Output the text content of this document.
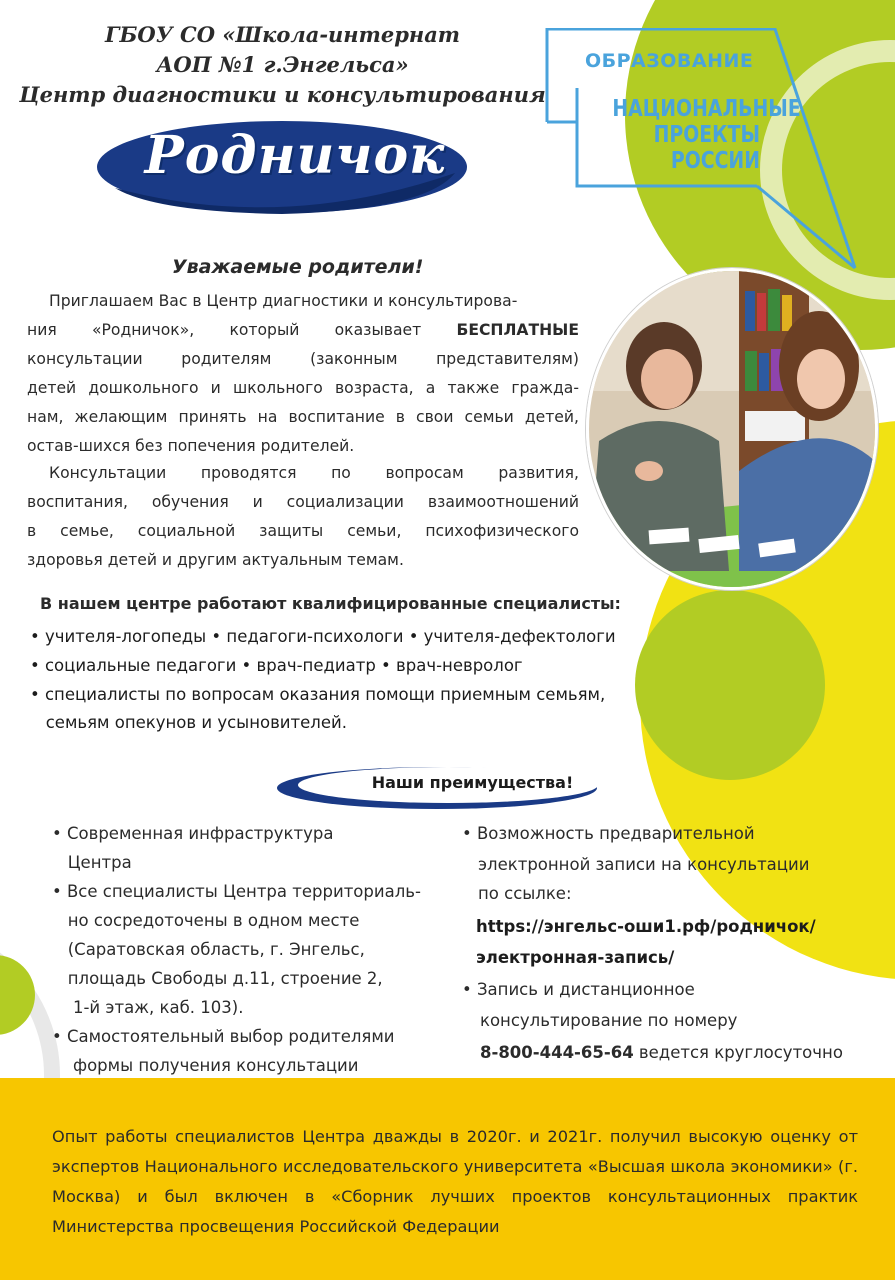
ГБОУ СО «Школа-интернат
АОП №1 г.Энгельса»
Центр диагностики и консультирования
Родничок
ОБРАЗОВАНИЕ
НАЦИОНАЛЬНЫЕ
ПРОЕКТЫ
РОССИИ
Уважаемые родители!
Приглашаем Вас в Центр диагностики и консультирова-
ния «Родничок», который оказывает БЕСПЛАТНЫЕ
консультации родителям (законным представителям)
детей дошкольного и школьного возраста, а также гражда-
нам, желающим принять на воспитание в свои семьи детей,
остав-шихся без попечения родителей.
Консультации проводятся по вопросам развития,
воспитания, обучения и социализации взаимоотношений
в семье, социальной защиты семьи, психофизического
здоровья детей и другим актуальным темам.
В нашем центре работают квалифицированные специалисты:
• учителя-логопеды • педагоги-психологи • учителя-дефектологи
• социальные педагоги • врач-педиатр • врач-невролог
• специалисты по вопросам оказания помощи приемным семьям,
семьям опекунов и усыновителей.
Наши преимущества!
• Современная инфраструктура
Центра
• Все специалисты Центра территориаль-
но сосредоточены в одном месте
(Саратовская область, г. Энгельс,
площадь Свободы д.11, строение 2,
1-й этаж, каб. 103).
• Самостоятельный выбор родителями
формы получения консультации
• Возможность предварительной
электронной записи на консультации
по ссылке:
https://энгельс-оши1.рф/родничок/
электронная-запись/
• Запись и дистанционное
консультирование по номеру
8-800-444-65-64 ведется круглосуточно
Опыт работы специалистов Центра дважды в 2020г. и 2021г. получил высокую оценку от экспертов Национального исследовательского университета «Высшая школа экономики» (г. Москва) и был включен в «Сборник лучших проектов консультационных практик Министерства просвещения Российской Федерации
